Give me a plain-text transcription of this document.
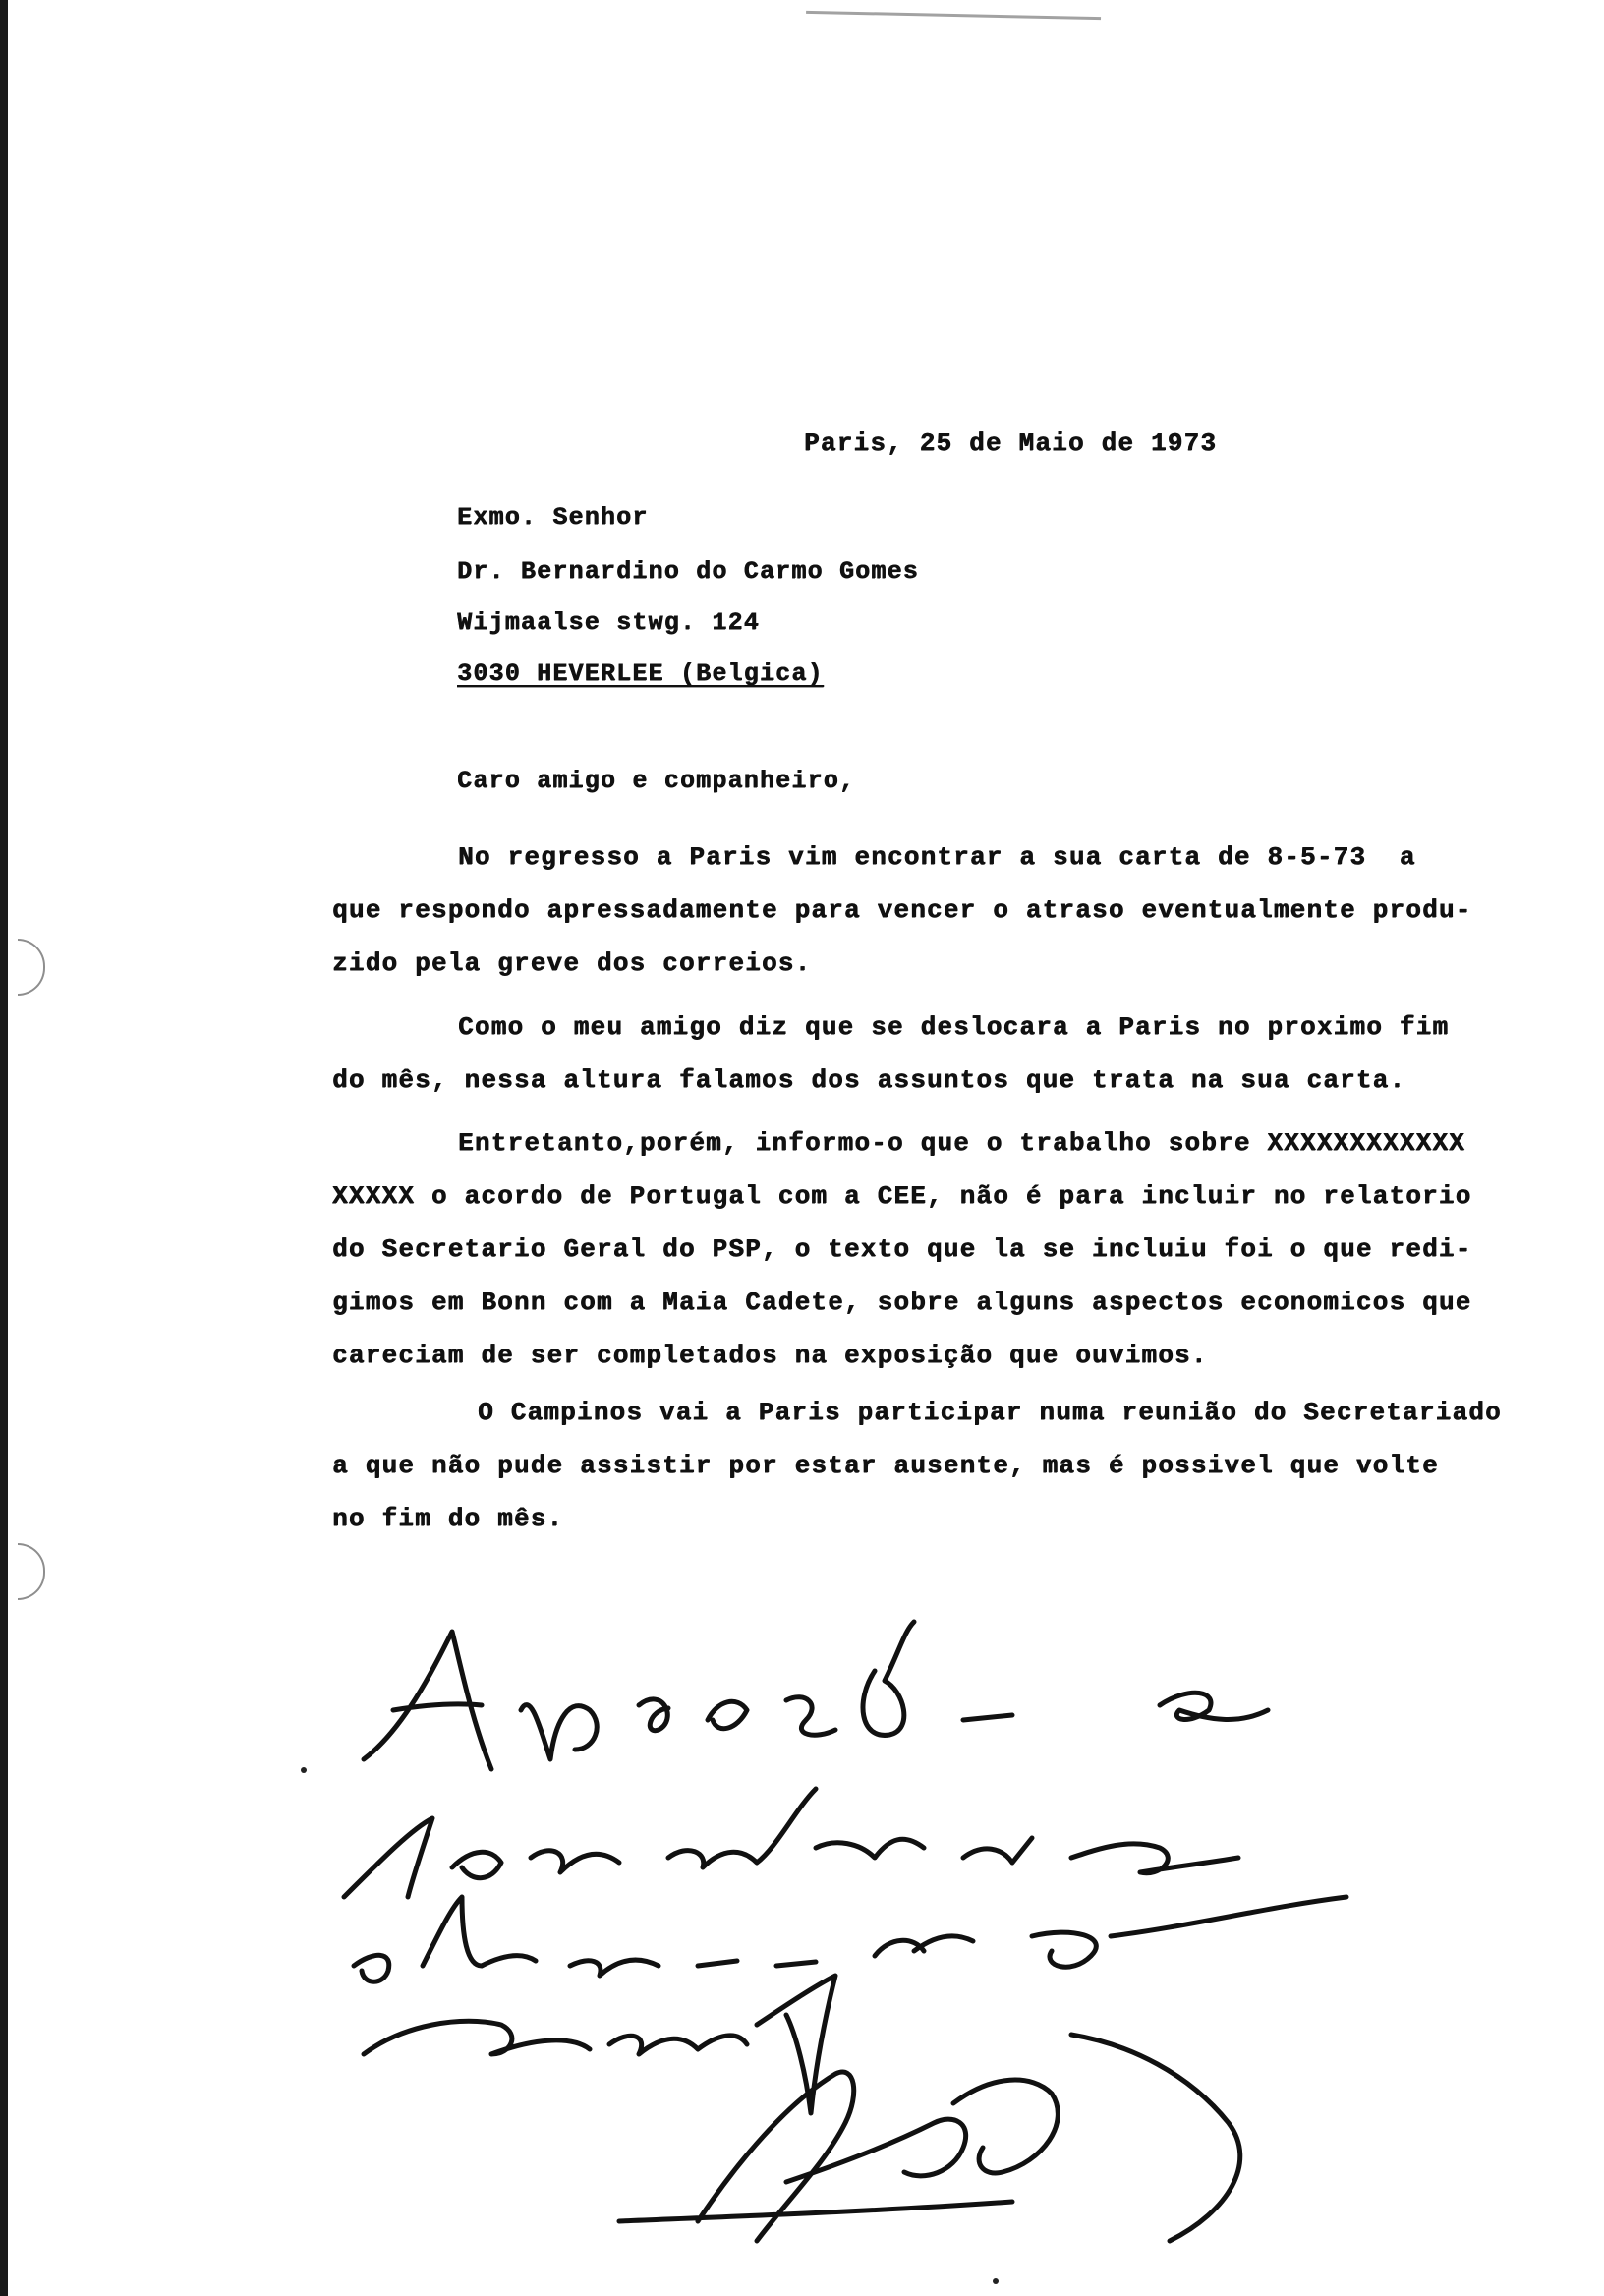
Paris, 25 de Maio de 1973
Exmo. Senhor
Dr. Bernardino do Carmo Gomes
Wijmaalse stwg. 124
3030 HEVERLEE (Belgica)
Caro amigo e companheiro,
No regresso a Paris vim encontrar a sua carta de 8-5-73  a
que respondo apressadamente para vencer o atraso eventualmente produ-
zido pela greve dos correios.
Como o meu amigo diz que se deslocara a Paris no proximo fim
do mês, nessa altura falamos dos assuntos que trata na sua carta.
Entretanto,porém, informo-o que o trabalho sobre XXXXXXXXXXXX
XXXXX o acordo de Portugal com a CEE, não é para incluir no relatorio
do Secretario Geral do PSP, o texto que la se incluiu foi o que redi-
gimos em Bonn com a Maia Cadete, sobre alguns aspectos economicos que
careciam de ser completados na exposição que ouvimos.
O Campinos vai a Paris participar numa reunião do Secretariado
a que não pude assistir por estar ausente, mas é possivel que volte
no fim do mês.
